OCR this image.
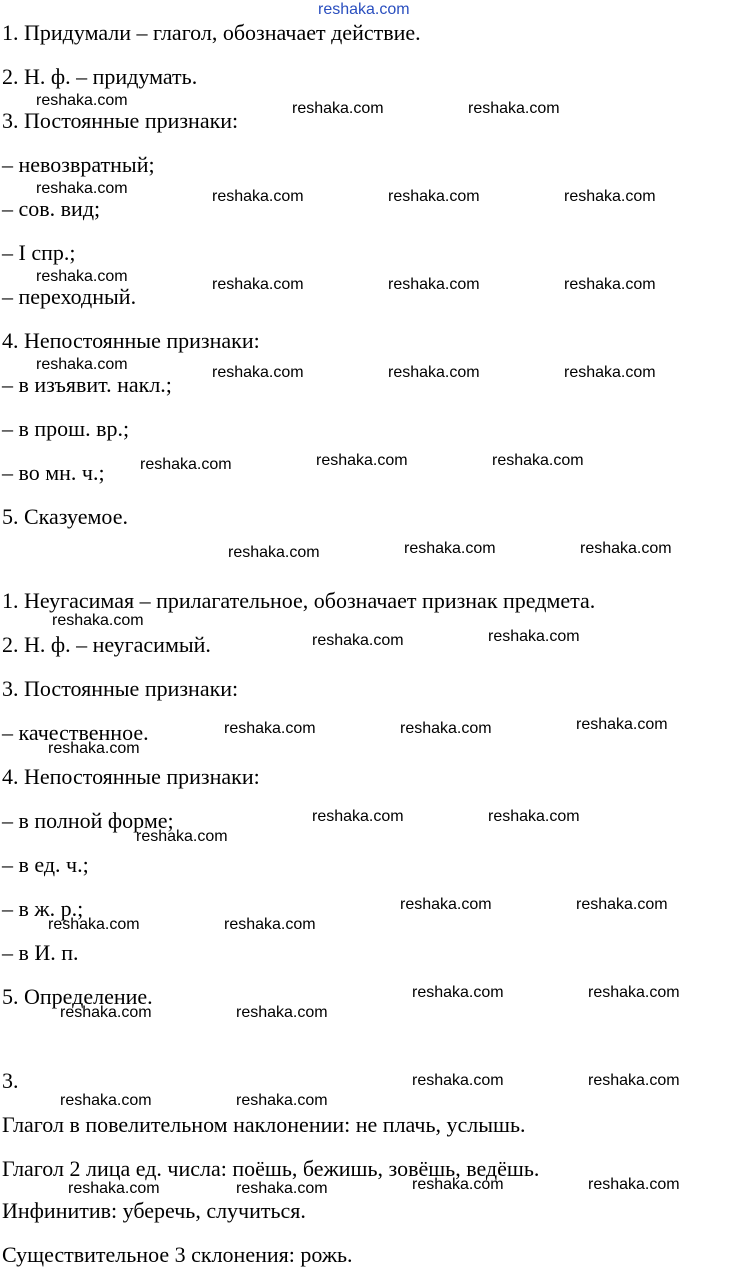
reshaka.com
1. Придумали – глагол, обозначает действие.
2. Н. ф. – придумать.
3. Постоянные признаки:
– невозвратный;
– сов. вид;
– I спр.;
– переходный.
4. Непостоянные признаки:
– в изъявит. накл.;
– в прош. вр.;
– во мн. ч.;
5. Сказуемое.
1. Неугасимая – прилагательное, обозначает признак предмета.
2. Н. ф. – неугасимый.
3. Постоянные признаки:
– качественное.
4. Непостоянные признаки:
– в полной форме;
– в ед. ч.;
– в ж. р.;
– в И. п.
5. Определение.
3.
Глагол в повелительном наклонении: не плачь, услышь.
Глагол 2 лица ед. числа: поёшь, бежишь, зовёшь, ведёшь.
Инфинитив: уберечь, случиться.
Существительное 3 склонения: рожь.
reshaka.com	reshaka.com	reshaka.com
reshaka.com	reshaka.com	reshaka.com	reshaka.com
reshaka.com	reshaka.com	reshaka.com	reshaka.com
reshaka.com	reshaka.com	reshaka.com	reshaka.com
reshaka.com	reshaka.com	reshaka.com
reshaka.com	reshaka.com	reshaka.com
reshaka.com
reshaka.com	reshaka.com
reshaka.com	reshaka.com	reshaka.com
reshaka.com
reshaka.com	reshaka.com
reshaka.com
reshaka.com	reshaka.com
reshaka.com	reshaka.com
reshaka.com	reshaka.com
reshaka.com	reshaka.com
reshaka.com	reshaka.com
reshaka.com	reshaka.com
reshaka.com	reshaka.com
reshaka.com	reshaka.com
